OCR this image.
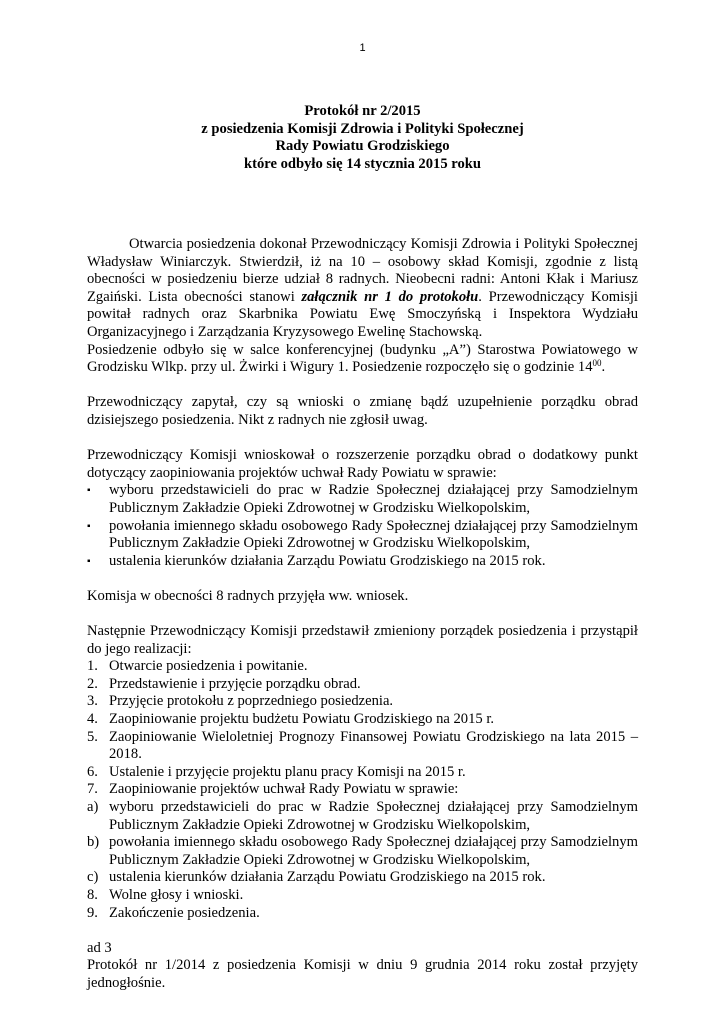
1
Protokół nr 2/2015
z posiedzenia Komisji Zdrowia i Polityki Społecznej
Rady Powiatu Grodziskiego
które odbyło się 14 stycznia 2015 roku

Otwarcia posiedzenia dokonał Przewodniczący Komisji Zdrowia i Polityki Społecznej Władysław Winiarczyk. Stwierdził, iż na 10 – osobowy skład Komisji, zgodnie z listą obecności w posiedzeniu bierze udział 8 radnych. Nieobecni radni: Antoni Kłak i Mariusz Zgaiński. Lista obecności stanowi załącznik nr 1 do protokołu. Przewodniczący Komisji powitał radnych oraz Skarbnika Powiatu Ewę Smoczyńską i Inspektora Wydziału Organizacyjnego i Zarządzania Kryzysowego Ewelinę Stachowską.

Posiedzenie odbyło się w salce konferencyjnej (budynku „A”) Starostwa Powiatowego w Grodzisku Wlkp. przy ul. Żwirki i Wigury 1. Posiedzenie rozpoczęło się o godzinie $14^{00}$.

Przewodniczący zapytał, czy są wnioski o zmianę bądź uzupełnienie porządku obrad dzisiejszego posiedzenia. Nikt z radnych nie zgłosił uwag.

Przewodniczący Komisji wnioskował o rozszerzenie porządku obrad o dodatkowy punkt dotyczący zaopiniowania projektów uchwał Rady Powiatu w sprawie:

▪ wyboru przedstawicieli do prac w Radzie Społecznej działającej przy Samodzielnym Publicznym Zakładzie Opieki Zdrowotnej w Grodzisku Wielkopolskim,
▪ powołania imiennego składu osobowego Rady Społecznej działającej przy Samodzielnym Publicznym Zakładzie Opieki Zdrowotnej w Grodzisku Wielkopolskim,
▪ ustalenia kierunków działania Zarządu Powiatu Grodziskiego na 2015 rok.

Komisja w obecności 8 radnych przyjęła ww. wniosek.

Następnie Przewodniczący Komisji przedstawił zmieniony porządek posiedzenia i przystąpił do jego realizacji:

1. Otwarcie posiedzenia i powitanie.
2. Przedstawienie i przyjęcie porządku obrad.
3. Przyjęcie protokołu z poprzedniego posiedzenia.
4. Zaopiniowanie projektu budżetu Powiatu Grodziskiego na 2015 r.
5. Zaopiniowanie Wieloletniej Prognozy Finansowej Powiatu Grodziskiego na lata 2015 – 2018.
6. Ustalenie i przyjęcie projektu planu pracy Komisji na 2015 r.
7. Zaopiniowanie projektów uchwał Rady Powiatu w sprawie:
a) wyboru przedstawicieli do prac w Radzie Społecznej działającej przy Samodzielnym Publicznym Zakładzie Opieki Zdrowotnej w Grodzisku Wielkopolskim,
b) powołania imiennego składu osobowego Rady Społecznej działającej przy Samodzielnym Publicznym Zakładzie Opieki Zdrowotnej w Grodzisku Wielkopolskim,
c) ustalenia kierunków działania Zarządu Powiatu Grodziskiego na 2015 rok.
8. Wolne głosy i wnioski.
9. Zakończenie posiedzenia.

ad 3

Protokół nr 1/2014 z posiedzenia Komisji w dniu 9 grudnia 2014 roku został przyjęty jednogłośnie.
